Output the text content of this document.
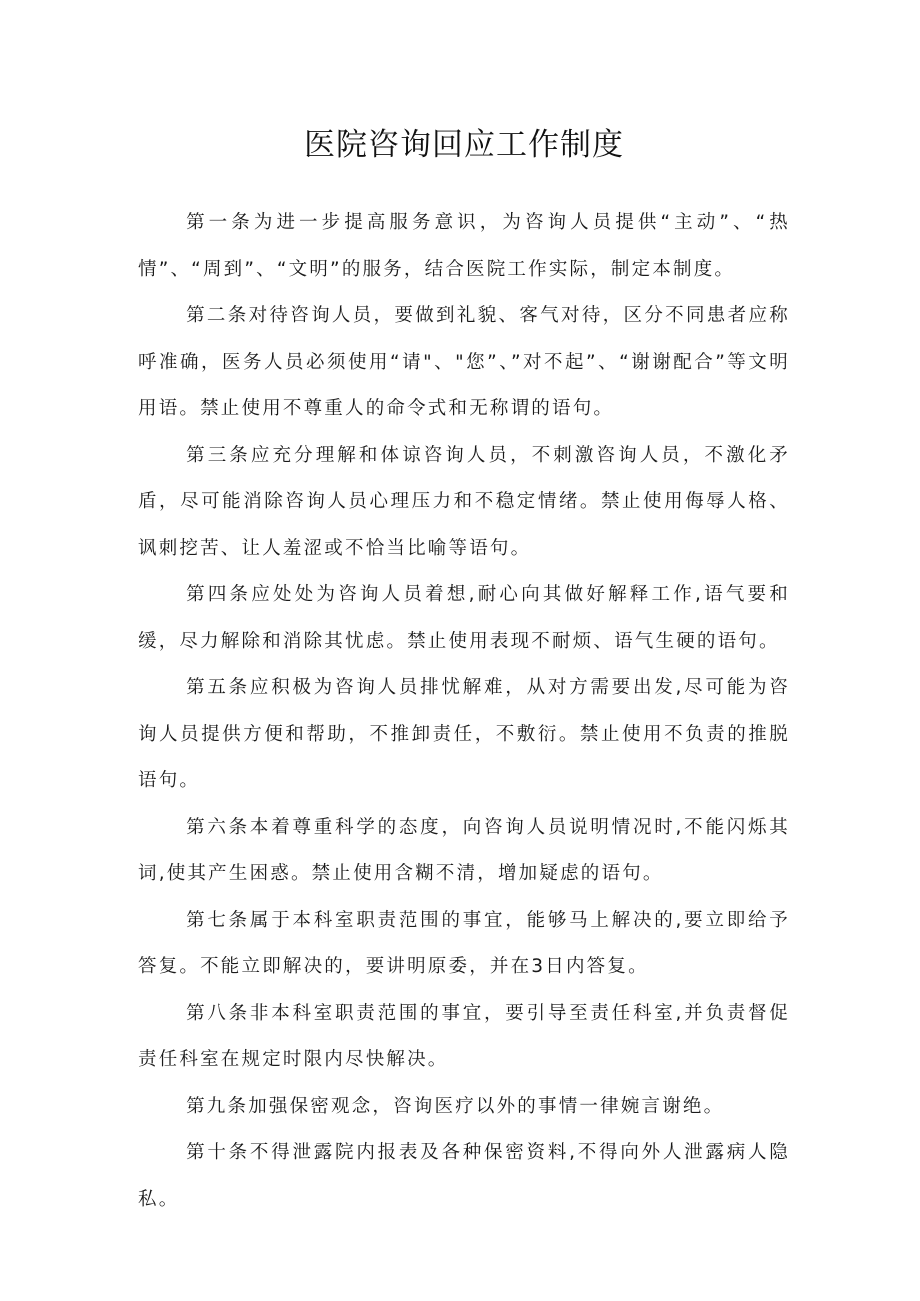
医院咨询回应工作制度

第一条为进一步提高服务意识，为咨询人员提供“主动”、“热情”、“周到”、“文明”的服务，结合医院工作实际，制定本制度。

第二条对待咨询人员，要做到礼貌、客气对待，区分不同患者应称呼准确，医务人员必须使用“请"、"您”、”对不起”、“谢谢配合”等文明用语。禁止使用不尊重人的命令式和无称谓的语句。

第三条应充分理解和体谅咨询人员，不刺激咨询人员，不激化矛盾，尽可能消除咨询人员心理压力和不稳定情绪。禁止使用侮辱人格、讽刺挖苦、让人羞涩或不恰当比喻等语句。

第四条应处处为咨询人员着想,耐心向其做好解释工作,语气要和缓，尽力解除和消除其忧虑。禁止使用表现不耐烦、语气生硬的语句。

第五条应积极为咨询人员排忧解难，从对方需要出发,尽可能为咨询人员提供方便和帮助，不推卸责任，不敷衍。禁止使用不负责的推脱语句。

第六条本着尊重科学的态度，向咨询人员说明情况时,不能闪烁其词,使其产生困惑。禁止使用含糊不清，增加疑虑的语句。

第七条属于本科室职责范围的事宜，能够马上解决的,要立即给予答复。不能立即解决的，要讲明原委，并在3日内答复。

第八条非本科室职责范围的事宜，要引导至责任科室,并负责督促责任科室在规定时限内尽快解决。

第九条加强保密观念，咨询医疗以外的事情一律婉言谢绝。

第十条不得泄露院内报表及各种保密资料,不得向外人泄露病人隐私。
